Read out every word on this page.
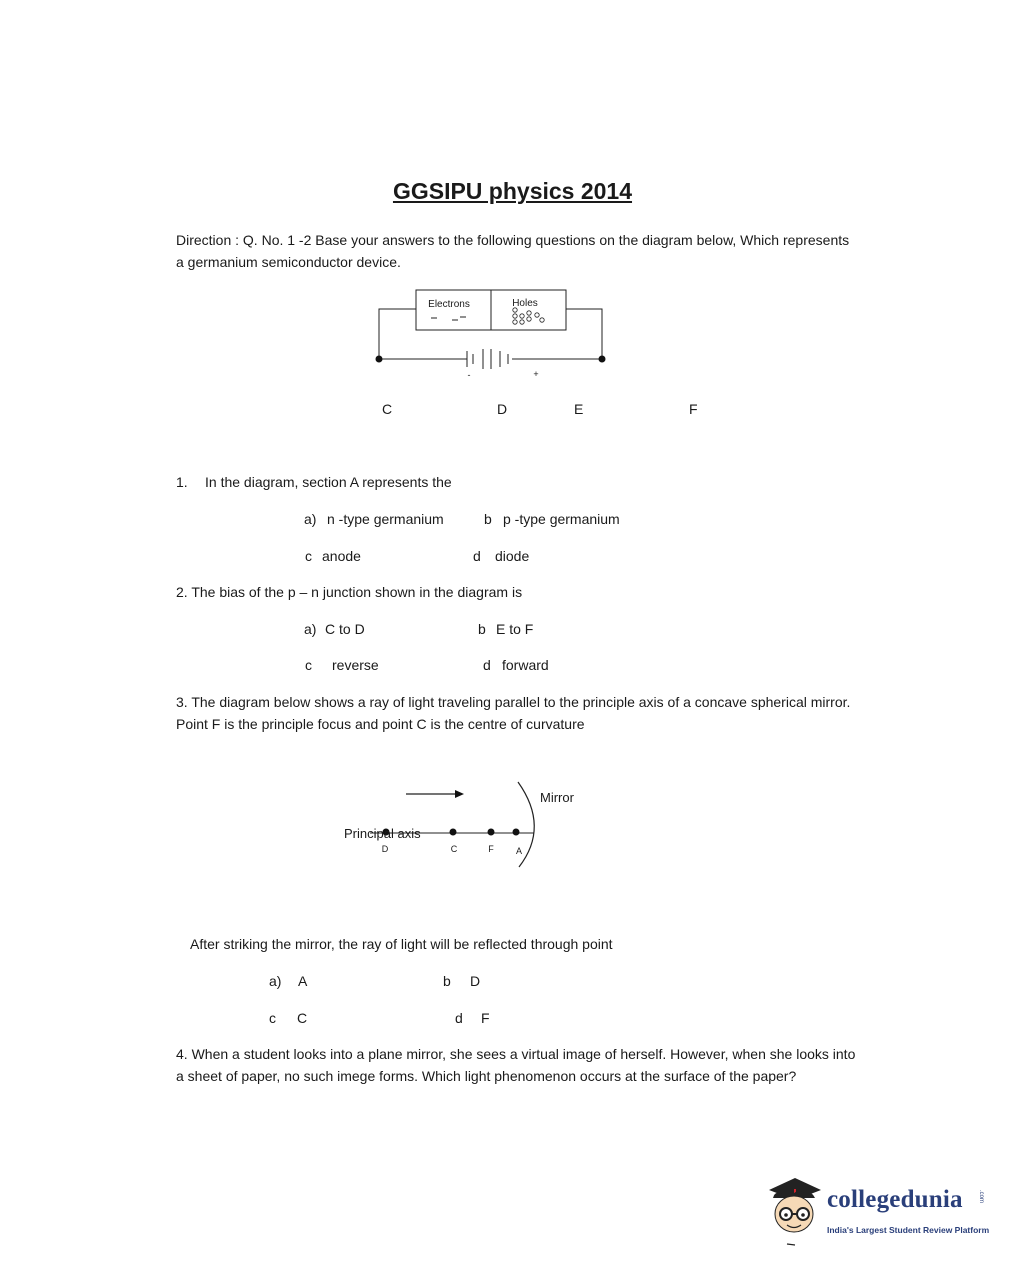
GGSIPU physics 2014
Direction : Q. No. 1 -2 Base your answers to the following questions on the diagram below, Which represents a germanium semiconductor device.
Electrons	Holes
-	+
C	D	E	F
1. In the diagram, section A represents the
a) n -type germanium	b p -type germanium
c anode	d diode
2. The bias of the p – n junction shown in the diagram is
a) C to D	b E to F
c reverse	d forward
3. The diagram below shows a ray of light traveling parallel to the principle axis of a concave spherical mirror. Point F is the principle focus and point C is the centre of curvature
Principal axis
Mirror
D	C	F A
After striking the mirror, the ray of light will be reflected through point
a) A	b D
c C	d F
4. When a student looks into a plane mirror, she sees a virtual image of herself. However, when she looks into a sheet of paper, no such imege forms. Which light phenomenon occurs at the surface of the paper?
collegedunia	.com
India's Largest Student Review Platform
